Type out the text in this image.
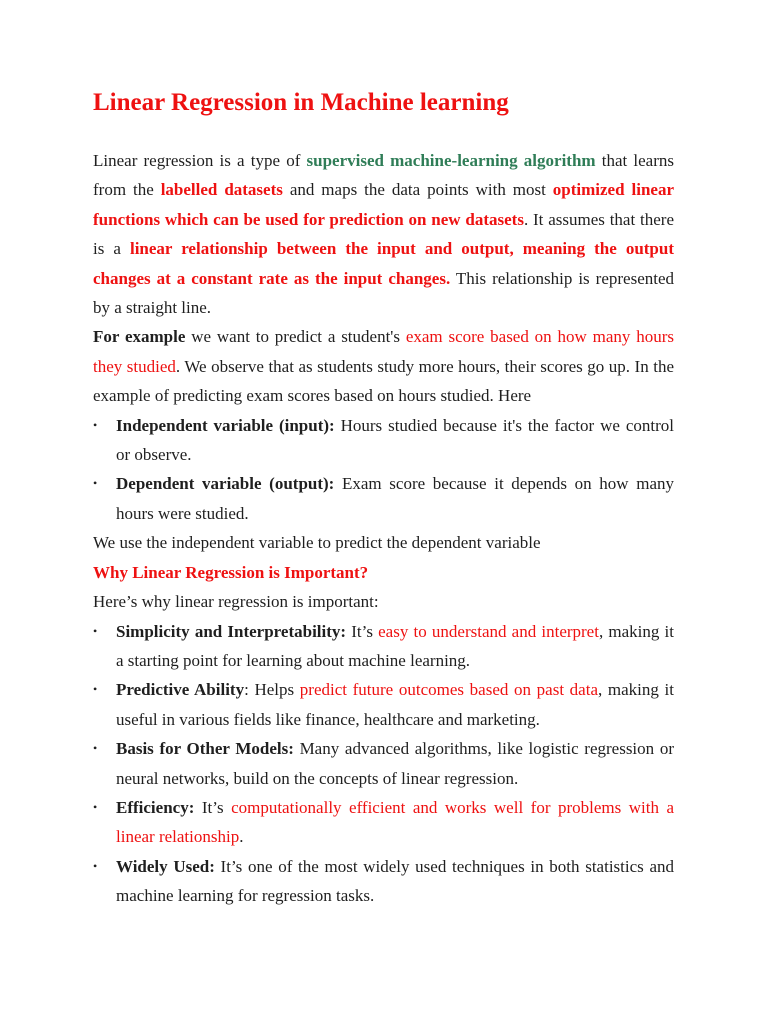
Linear Regression in Machine learning

Linear regression is a type of supervised machine-learning algorithm that learns from the labelled datasets and maps the data points with most optimized linear functions which can be used for prediction on new datasets. It assumes that there is a linear relationship between the input and output, meaning the output changes at a constant rate as the input changes. This relationship is represented by a straight line.

For example we want to predict a student's exam score based on how many hours they studied. We observe that as students study more hours, their scores go up. In the example of predicting exam scores based on hours studied. Here

• Independent variable (input): Hours studied because it's the factor we control or observe.
• Dependent variable (output): Exam score because it depends on how many hours were studied.

We use the independent variable to predict the dependent variable

Why Linear Regression is Important?

Here’s why linear regression is important:

• Simplicity and Interpretability: It’s easy to understand and interpret, making it a starting point for learning about machine learning.
• Predictive Ability: Helps predict future outcomes based on past data, making it useful in various fields like finance, healthcare and marketing.
• Basis for Other Models: Many advanced algorithms, like logistic regression or neural networks, build on the concepts of linear regression.
• Efficiency: It’s computationally efficient and works well for problems with a linear relationship.
• Widely Used: It’s one of the most widely used techniques in both statistics and machine learning for regression tasks.
